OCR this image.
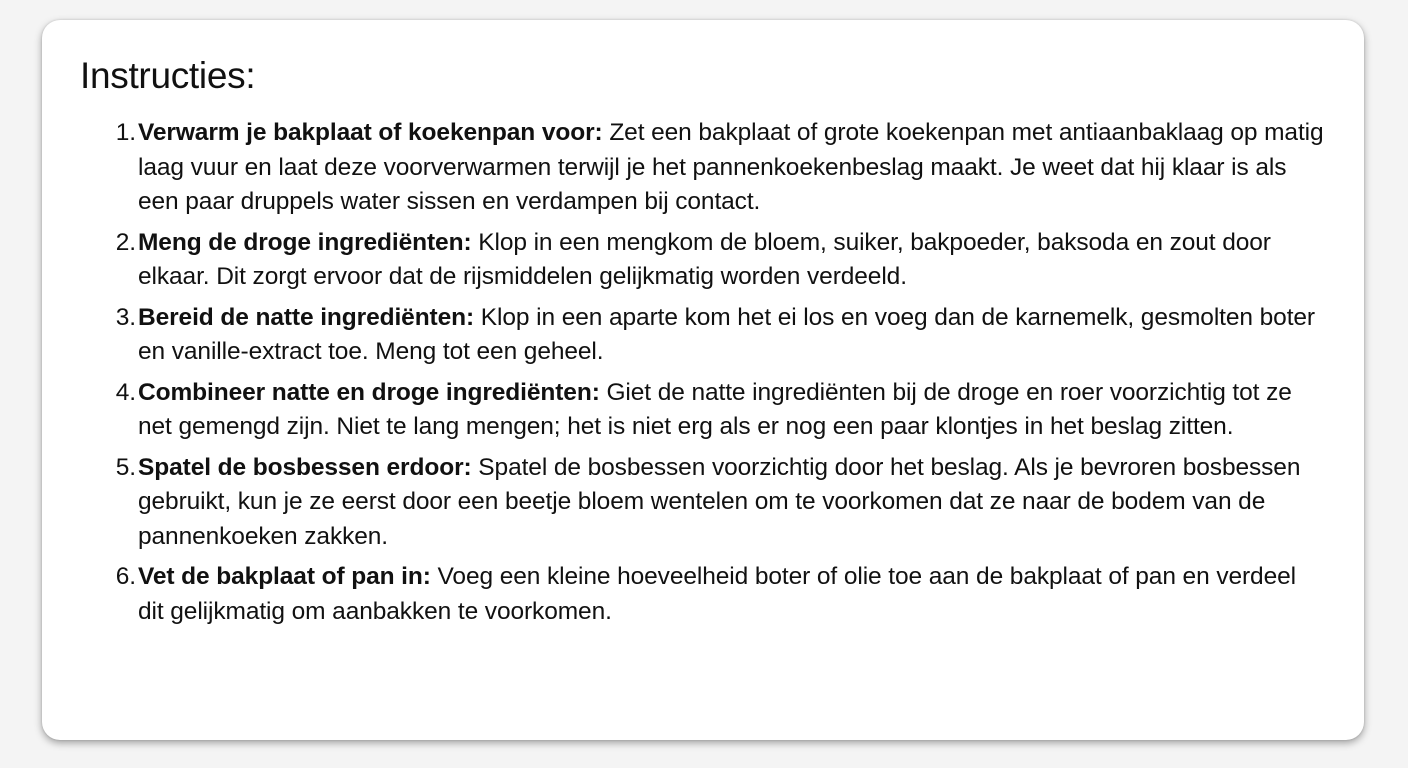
Instructies:
1. Verwarm je bakplaat of koekenpan voor: Zet een bakplaat of grote koekenpan met antiaanbaklaag op matig laag vuur en laat deze voorverwarmen terwijl je het pannenkoekenbeslag maakt. Je weet dat hij klaar is als een paar druppels water sissen en verdampen bij contact.
2. Meng de droge ingrediënten: Klop in een mengkom de bloem, suiker, bakpoeder, baksoda en zout door elkaar. Dit zorgt ervoor dat de rijsmiddelen gelijkmatig worden verdeeld.
3. Bereid de natte ingrediënten: Klop in een aparte kom het ei los en voeg dan de karnemelk, gesmolten boter en vanille-extract toe. Meng tot een geheel.
4. Combineer natte en droge ingrediënten: Giet de natte ingrediënten bij de droge en roer voorzichtig tot ze net gemengd zijn. Niet te lang mengen; het is niet erg als er nog een paar klontjes in het beslag zitten.
5. Spatel de bosbessen erdoor: Spatel de bosbessen voorzichtig door het beslag. Als je bevroren bosbessen gebruikt, kun je ze eerst door een beetje bloem wentelen om te voorkomen dat ze naar de bodem van de pannenkoeken zakken.
6. Vet de bakplaat of pan in: Voeg een kleine hoeveelheid boter of olie toe aan de bakplaat of pan en verdeel dit gelijkmatig om aanbakken te voorkomen.
